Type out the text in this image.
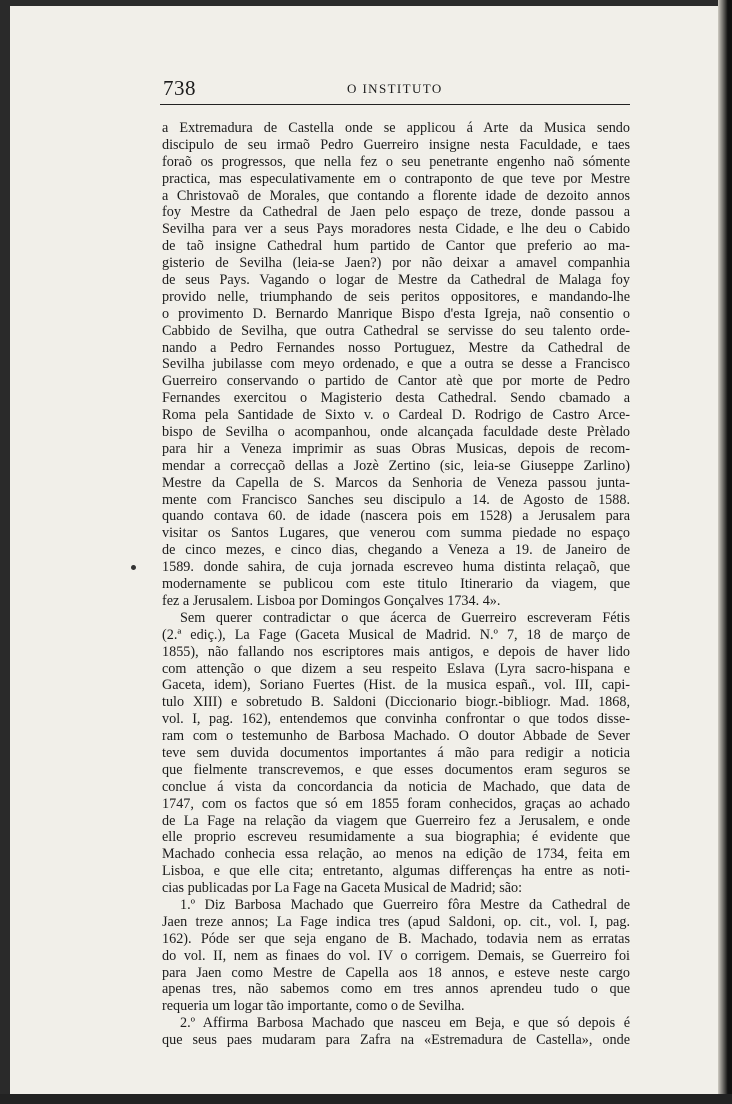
738	O INSTITUTO
a Extremadura de Castella onde se applicou á Arte da Musica sendo
discipulo de seu irmaõ Pedro Guerreiro insigne nesta Faculdade, e taes
foraõ os progressos, que nella fez o seu penetrante engenho naõ sómente
practica, mas especulativamente em o contraponto de que teve por Mestre
a Christovaõ de Morales, que contando a florente idade de dezoito annos
foy Mestre da Cathedral de Jaen pelo espaço de treze, donde passou a
Sevilha para ver a seus Pays moradores nesta Cidade, e lhe deu o Cabido
de taõ insigne Cathedral hum partido de Cantor que preferio ao ma-
gisterio de Sevilha (leia-se Jaen?) por não deixar a amavel companhia
de seus Pays. Vagando o logar de Mestre da Cathedral de Malaga foy
provido nelle, triumphando de seis peritos oppositores, e mandando-lhe
o provimento D. Bernardo Manrique Bispo d'esta Igreja, naõ consentio o
Cabbido de Sevilha, que outra Cathedral se servisse do seu talento orde-
nando a Pedro Fernandes nosso Portuguez, Mestre da Cathedral de
Sevilha jubilasse com meyo ordenado, e que a outra se desse a Francisco
Guerreiro conservando o partido de Cantor atè que por morte de Pedro
Fernandes exercitou o Magisterio desta Cathedral. Sendo cbamado a
Roma pela Santidade de Sixto v. o Cardeal D. Rodrigo de Castro Arce-
bispo de Sevilha o acompanhou, onde alcançada faculdade deste Prèlado
para hir a Veneza imprimir as suas Obras Musicas, depois de recom-
mendar a correcçaõ dellas a Jozè Zertino (sic, leia-se Giuseppe Zarlino)
Mestre da Capella de S. Marcos da Senhoria de Veneza passou junta-
mente com Francisco Sanches seu discipulo a 14. de Agosto de 1588.
quando contava 60. de idade (nascera pois em 1528) a Jerusalem para
visitar os Santos Lugares, que venerou com summa piedade no espaço
de cinco mezes, e cinco dias, chegando a Veneza a 19. de Janeiro de
1589. donde sahira, de cuja jornada escreveo huma distinta relaçaõ, que
modernamente se publicou com este titulo Itinerario da viagem, que
fez a Jerusalem. Lisboa por Domingos Gonçalves 1734. 4».
Sem querer contradictar o que ácerca de Guerreiro escreveram Fétis
(2.ª ediç.), La Fage (Gaceta Musical de Madrid. N.º 7, 18 de março de
1855), não fallando nos escriptores mais antigos, e depois de haver lido
com attenção o que dizem a seu respeito Eslava (Lyra sacro-hispana e
Gaceta, idem), Soriano Fuertes (Hist. de la musica españ., vol. III, capi-
tulo XIII) e sobretudo B. Saldoni (Diccionario biogr.-bibliogr. Mad. 1868,
vol. I, pag. 162), entendemos que convinha confrontar o que todos disse-
ram com o testemunho de Barbosa Machado. O doutor Abbade de Sever
teve sem duvida documentos importantes á mão para redigir a noticia
que fielmente transcrevemos, e que esses documentos eram seguros se
conclue á vista da concordancia da noticia de Machado, que data de
1747, com os factos que só em 1855 foram conhecidos, graças ao achado
de La Fage na relação da viagem que Guerreiro fez a Jerusalem, e onde
elle proprio escreveu resumidamente a sua biographia; é evidente que
Machado conhecia essa relação, ao menos na edição de 1734, feita em
Lisboa, e que elle cita; entretanto, algumas differenças ha entre as noti-
cias publicadas por La Fage na Gaceta Musical de Madrid; são:
1.º Diz Barbosa Machado que Guerreiro fôra Mestre da Cathedral de
Jaen treze annos; La Fage indica tres (apud Saldoni, op. cit., vol. I, pag.
162). Póde ser que seja engano de B. Machado, todavia nem as erratas
do vol. II, nem as finaes do vol. IV o corrigem. Demais, se Guerreiro foi
para Jaen como Mestre de Capella aos 18 annos, e esteve neste cargo
apenas tres, não sabemos como em tres annos aprendeu tudo o que
requeria um logar tão importante, como o de Sevilha.
2.º Affirma Barbosa Machado que nasceu em Beja, e que só depois é
que seus paes mudaram para Zafra na «Estremadura de Castella», onde
